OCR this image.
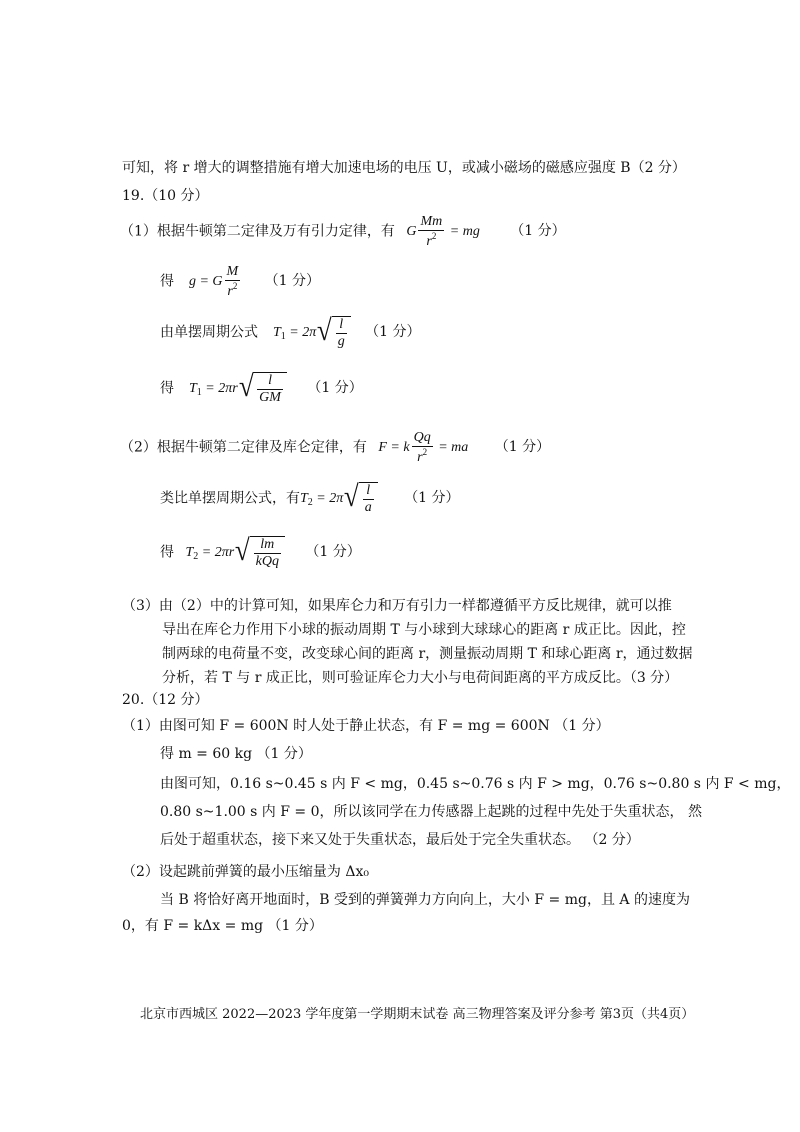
可知，将 r 增大的调整措施有增大加速电场的电压 U，或减小磁场的磁感应强度 B（2 分）
19.（10 分）
（1）根据牛顿第二定律及万有引力定律，有   G $\frac{Mm}{r^2}$ = mg （1 分）
得    g = G $\frac{M}{r^2} (1$ 分）
由单摆周期公式    $T_1 = 2\pi$ √ $\frac{l}{g} (1$ 分）
得    $T_1 = 2\pi r$ √ $\frac{l}{GM} (1$ 分）
（2）根据牛顿第二定律及库仑定律，有   F = k $\frac{Qq}{r^2}$ = ma （1 分）
类比单摆周期公式，有$T_2 = 2\pi$ √ $\frac{l}{a} (1$ 分）
得   $T_2 = 2\pi r$ √ $\frac{lm}{\text{kQq}} (1$ 分）
（3）由（2）中的计算可知，如果库仑力和万有引力一样都遵循平方反比规律，就可以推
导出在库仑力作用下小球的振动周期 T 与小球到大球球心的距离 r 成正比。因此，控
制两球的电荷量不变，改变球心间的距离 r，测量振动周期 T 和球心距离 r，通过数据
分析，若 T 与 r 成正比，则可验证库仑力大小与电荷间距离的平方成反比。（3 分）
20.（12 分）
（1）由图可知 F = 600N 时人处于静止状态，有 F = mg = 600N （1 分）
得 m = 60 kg （1 分）
由图可知，0.16 s~0.45 s 内 F < mg，0.45 s~0.76 s 内 F > mg，0.76 s~0.80 s 内 F < mg，
0.80 s~1.00 s 内 F = 0，所以该同学在力传感器上起跳的过程中先处于失重状态， 然
后处于超重状态，接下来又处于失重状态，最后处于完全失重状态。 （2 分）
（2）设起跳前弹簧的最小压缩量为 Δx₀
当 B 将恰好离开地面时，B 受到的弹簧弹力方向向上，大小 F = mg，且 A 的速度为
0，有 F = kΔx = mg （1 分）
北京市西城区 2022—2023 学年度第一学期期末试卷 高三物理答案及评分参考 第3页（共4页）
